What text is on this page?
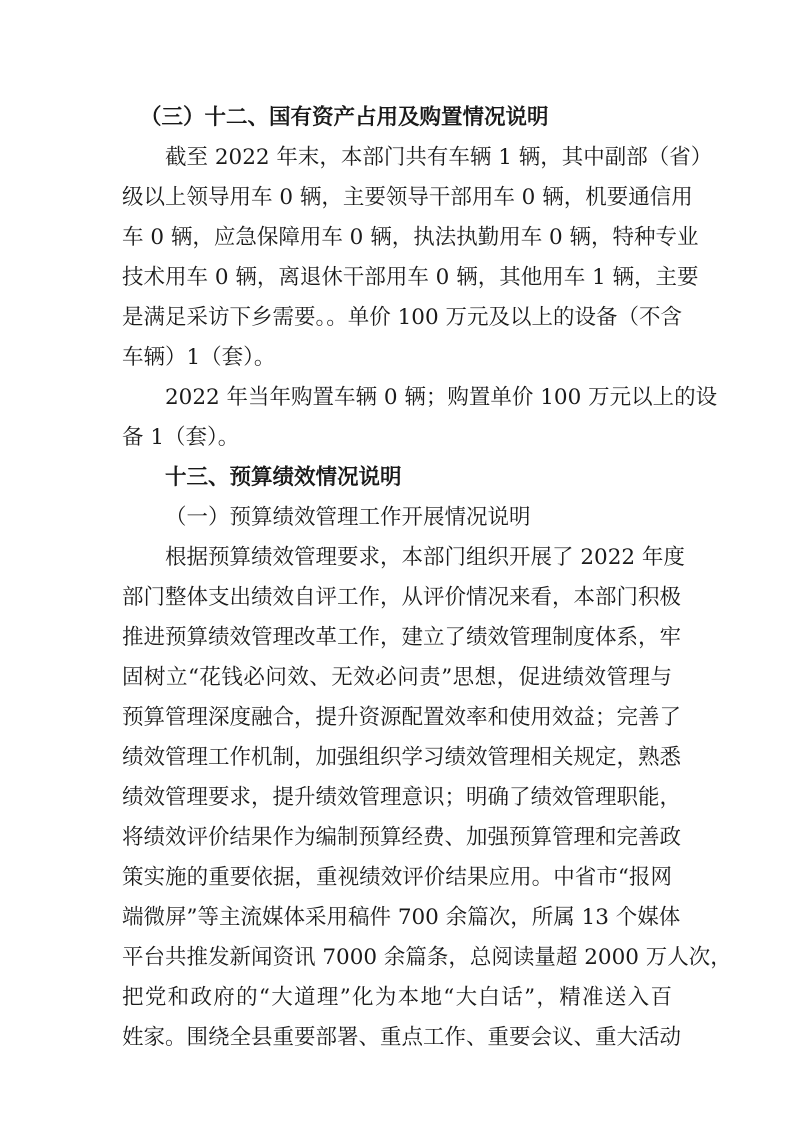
（三）十二、国有资产占用及购置情况说明
截至 2022 年末，本部门共有车辆 1 辆，其中副部（省）
级以上领导用车 0 辆，主要领导干部用车 0 辆，机要通信用
车 0 辆，应急保障用车 0 辆，执法执勤用车 0 辆，特种专业
技术用车 0 辆，离退休干部用车 0 辆，其他用车 1 辆，主要
是满足采访下乡需要。。单价 100 万元及以上的设备（不含
车辆）1（套）。
2022 年当年购置车辆 0 辆；购置单价 100 万元以上的设
备 1（套）。
十三、预算绩效情况说明
（一）预算绩效管理工作开展情况说明
根据预算绩效管理要求，本部门组织开展了 2022 年度
部门整体支出绩效自评工作，从评价情况来看，本部门积极
推进预算绩效管理改革工作，建立了绩效管理制度体系，牢
固树立“花钱必问效、无效必问责”思想，促进绩效管理与
预算管理深度融合，提升资源配置效率和使用效益；完善了
绩效管理工作机制，加强组织学习绩效管理相关规定，熟悉
绩效管理要求，提升绩效管理意识；明确了绩效管理职能，
将绩效评价结果作为编制预算经费、加强预算管理和完善政
策实施的重要依据，重视绩效评价结果应用。中省市“报网
端微屏”等主流媒体采用稿件 700 余篇次，所属 13 个媒体
平台共推发新闻资讯 7000 余篇条，总阅读量超 2000 万人次，
把党和政府的“大道理”化为本地“大白话”，精准送入百
姓家。围绕全县重要部署、重点工作、重要会议、重大活动
